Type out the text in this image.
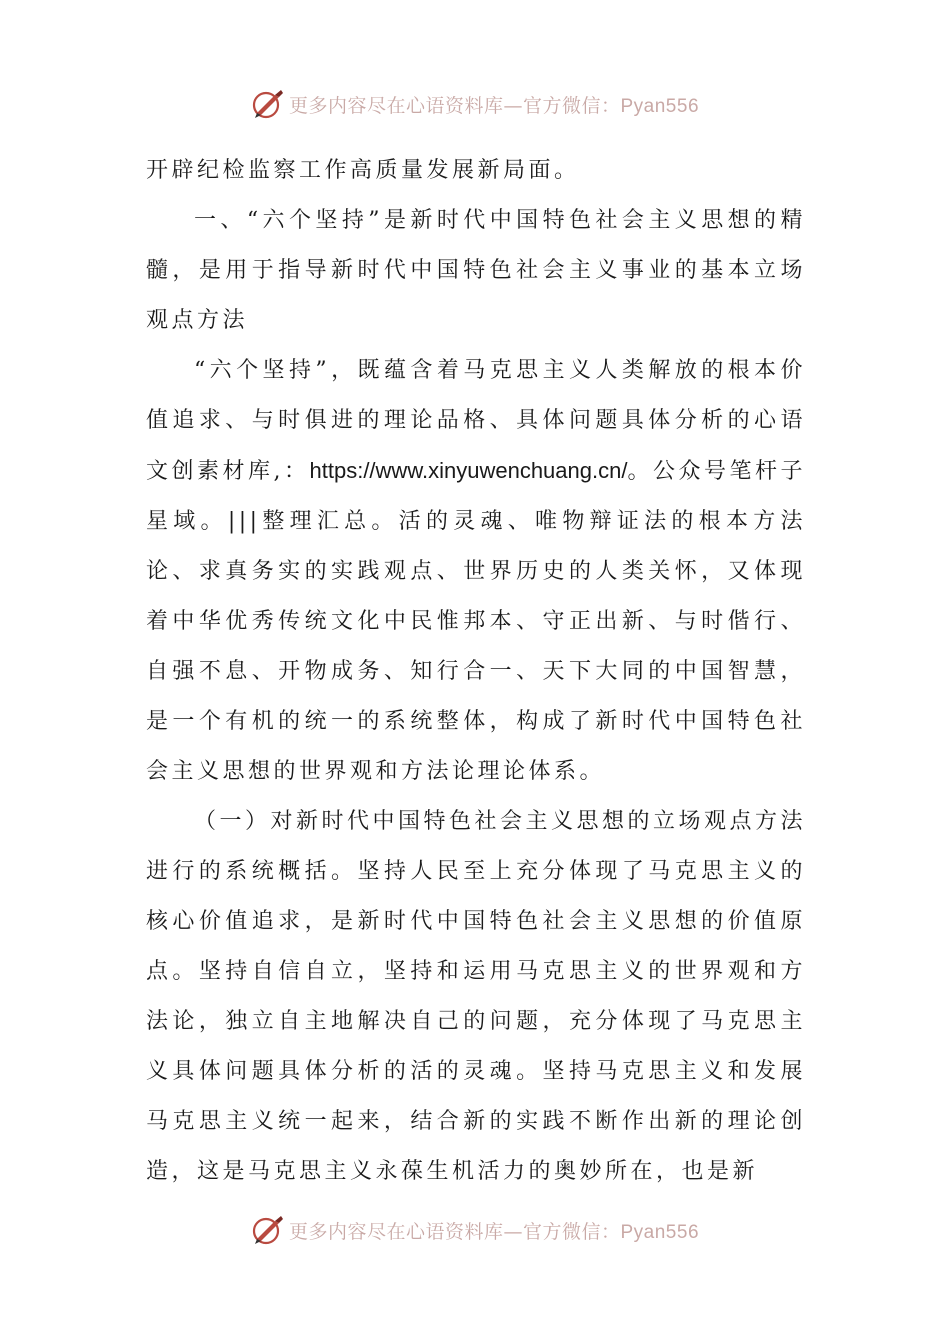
更多内容尽在心语资料库—官方微信：Pyan556

开辟纪检监察工作高质量发展新局面。

一、“六个坚持”是新时代中国特色社会主义思想的精髓，是用于指导新时代中国特色社会主义事业的基本立场观点方法

“六个坚持”，既蕴含着马克思主义人类解放的根本价值追求、与时俱进的理论品格、具体问题具体分析的心语文创素材库,：https://www.xinyuwenchuang.cn/。公众号笔杆子星域。|||整理汇总。活的灵魂、唯物辩证法的根本方法论、求真务实的实践观点、世界历史的人类关怀，又体现着中华优秀传统文化中民惟邦本、守正出新、与时偕行、自强不息、开物成务、知行合一、天下大同的中国智慧，是一个有机的统一的系统整体，构成了新时代中国特色社会主义思想的世界观和方法论理论体系。

（一）对新时代中国特色社会主义思想的立场观点方法进行的系统概括。坚持人民至上充分体现了马克思主义的核心价值追求，是新时代中国特色社会主义思想的价值原点。坚持自信自立，坚持和运用马克思主义的世界观和方法论，独立自主地解决自己的问题，充分体现了马克思主义具体问题具体分析的活的灵魂。坚持马克思主义和发展马克思主义统一起来，结合新的实践不断作出新的理论创造，这是马克思主义永葆生机活力的奥妙所在，也是新

更多内容尽在心语资料库—官方微信：Pyan556
